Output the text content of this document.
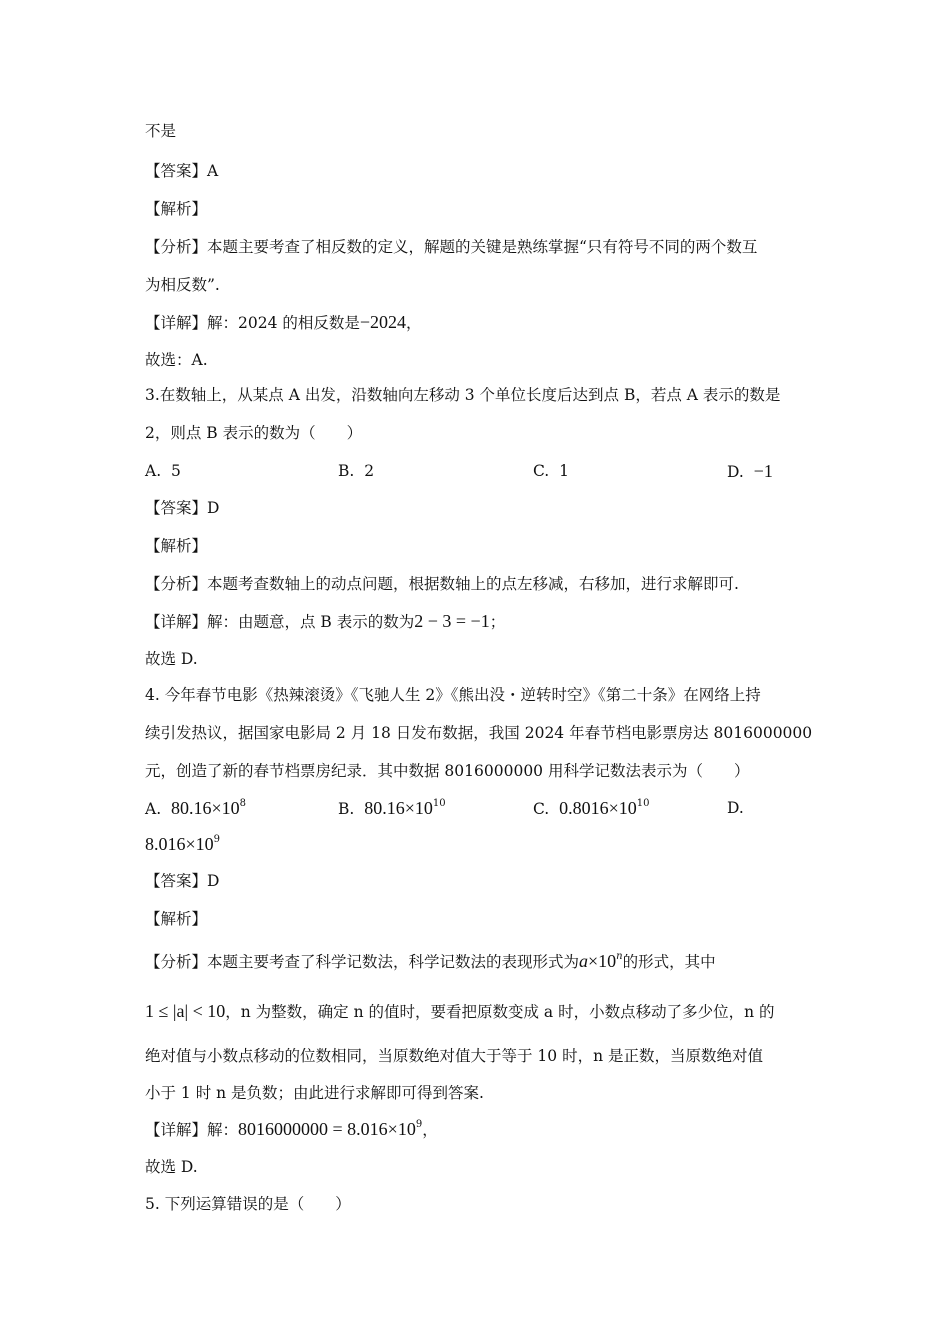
不是
【答案】A
【解析】
【分析】本题主要考查了相反数的定义，解题的关键是熟练掌握“只有符号不同的两个数互
为相反数”.
【详解】解：2024 的相反数是−2024，
故选：A.
3.在数轴上，从某点 A 出发，沿数轴向左移动 3 个单位长度后达到点 B，若点 A 表示的数是
2，则点 B 表示的数为（　　）
A. 5	B. 2	C. 1	D. −1
【答案】D
【解析】
【分析】本题考查数轴上的动点问题，根据数轴上的点左移减，右移加，进行求解即可.
【详解】解：由题意，点 B 表示的数为2 − 3 = −1；
故选 D.
4. 今年春节电影《热辣滚烫》《飞驰人生 2》《熊出没・逆转时空》《第二十条》在网络上持
续引发热议，据国家电影局 2 月 18 日发布数据，我国 2024 年春节档电影票房达 8016000000
元，创造了新的春节档票房纪录．其中数据 8016000000 用科学记数法表示为（　　）
A. $80.16\times 10^8$	B. $80.16\times 10^{10}$	C. $0.8016\times 10^{10}$	D.
$8.016\times 10^9$
【答案】D
【解析】
【分析】本题主要考查了科学记数法，科学记数法的表现形式为$a\times 10^n$的形式，其中
1 ≤ |a| < 10，n 为整数，确定 n 的值时，要看把原数变成 a 时，小数点移动了多少位，n 的
绝对值与小数点移动的位数相同，当原数绝对值大于等于 10 时，n 是正数，当原数绝对值
小于 1 时 n 是负数；由此进行求解即可得到答案.
【详解】解：$8016000000 = 8.016\times 10^9$，
故选 D.
5. 下列运算错误的是（　　）
